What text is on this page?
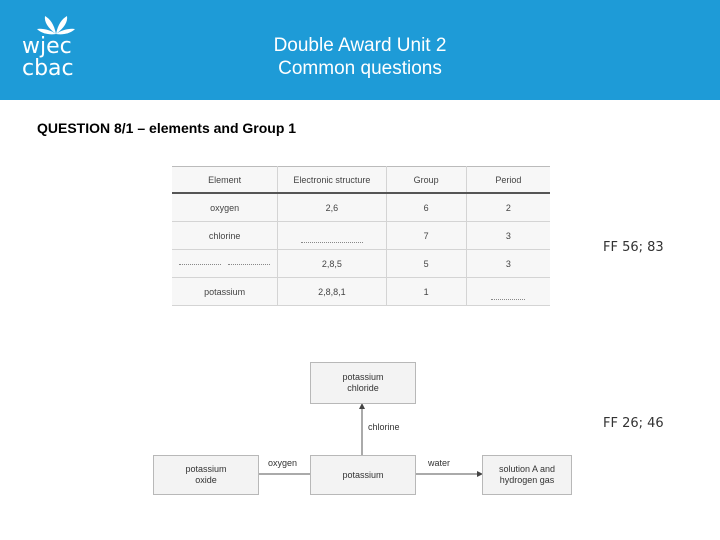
wjec
cbac
Double Award Unit 2
Common questions
QUESTION 8/1 – elements and Group 1
Element	Electronic structure	Group	Period
oxygen	2,6	6	2
chlorine		7	3
	2,8,5	5	3
potassium	2,8,8,1	1	
FF 56; 83
FF 26; 46
potassium
chloride
potassium
potassium
oxide
solution A and
hydrogen gas
chlorine
oxygen	water
